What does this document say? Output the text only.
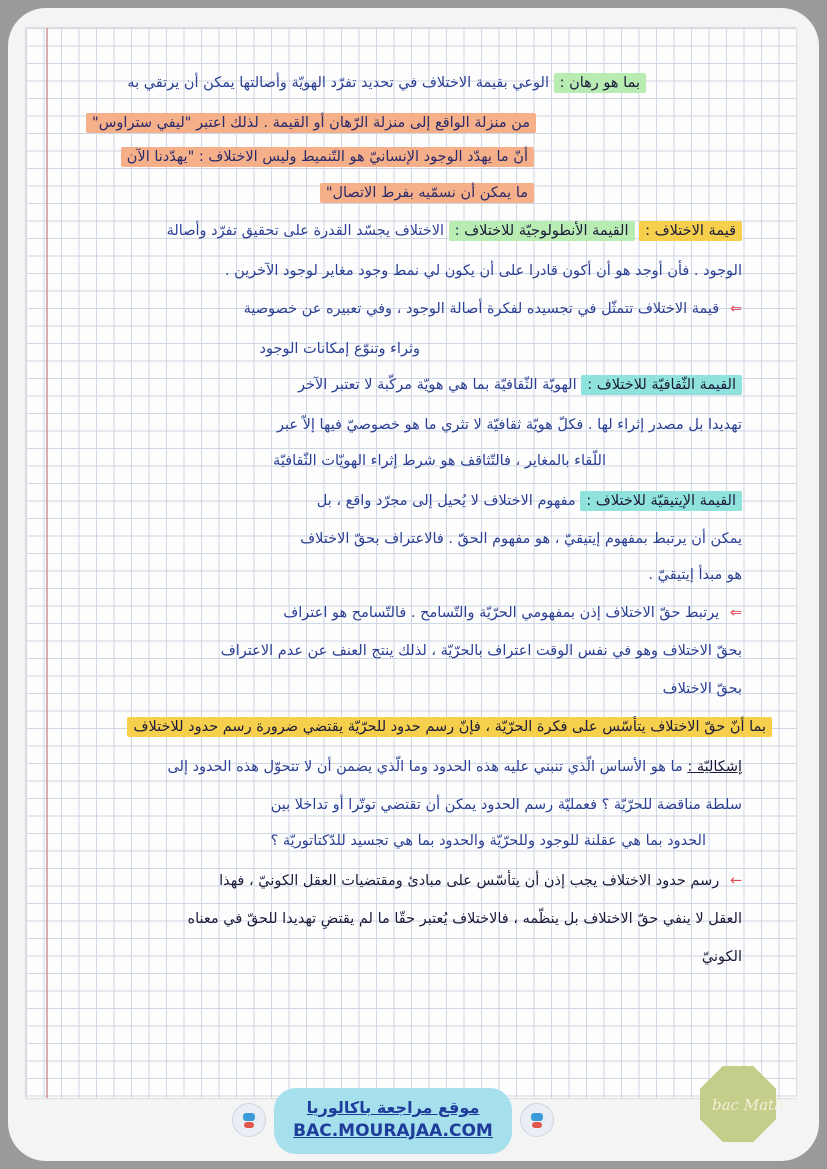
بما هو رهان : الوعي بقيمة الاختلاف في تحديد تفرّد الهويّة وأصالتها يمكن أن يرتقي به
من منزلة الواقع إلى منزلة الرّهان أو القيمة . لذلك اعتبر "ليفي ستراوس"
أنّ ما يهدّد الوجود الإنسانيّ هو التّنميط وليس الاختلاف : "يهدّدنا الآن
ما يمكن أن نسمّيه بفرط الاتصال"
قيمة الاختلاف : القيمة الأنطولوجيّة للاختلاف : الاختلاف يجسّد القدرة على تحقيق تفرّد وأصالة
الوجود . فأن أوجد هو أن أكون قادرا على أن يكون لي نمط وجود مغاير لوجود الآخرين .
⇐ قيمة الاختلاف تتمثّل في تجسيده لفكرة أصالة الوجود ، وفي تعبيره عن خصوصية
وثراء وتنوّع إمكانات الوجود
القيمة الثّقافيّة للاختلاف : الهويّة الثّقافيّة بما هي هويّة مركّبة لا تعتبر الآخر
تهديدا بل مصدر إثراء لها . فكلّ هويّة ثقافيّة لا تثري ما هو خصوصيّ فيها إلاّ عبر
اللّقاء بالمغاير ، فالتّثاقف هو شرط إثراء الهويّات الثّقافيّة
القيمة الإيتيقيّة للاختلاف : مفهوم الاختلاف لا يُحيل إلى مجرّد واقع ، بل
يمكن أن يرتبط بمفهوم إيتيقيّ ، هو مفهوم الحقّ . فالاعتراف بحقّ الاختلاف
هو مبدأ إيتيقيّ .
⇐ يرتبط حقّ الاختلاف إذن بمفهومي الحرّيّة والتّسامح . فالتّسامح هو اعتراف
بحقّ الاختلاف وهو في نفس الوقت اعتراف بالحرّيّة ، لذلك ينتج العنف عن عدم الاعتراف
بحقّ الاختلاف
بما أنّ حقّ الاختلاف يتأسّس على فكرة الحرّيّة ، فإنّ رسم حدود للحرّيّة يقتضي ضرورة رسم حدود للاختلاف
إشكاليّة : ما هو الأساس الّذي تنبني عليه هذه الحدود وما الّذي يضمن أن لا تتحوّل هذه الحدود إلى
سلطة مناقضة للحرّيّة ؟ فعمليّة رسم الحدود يمكن أن تقتضي توتّرا أو تداخلا بين
الحدود بما هي عقلنة للوجود وللحرّيّة والحدود بما هي تجسيد للدّكتاتوريّة ؟
← رسم حدود الاختلاف يجب إذن أن يتأسّس على مبادئ ومقتضيات العقل الكونيّ ، فهذا
العقل لا ينفي حقّ الاختلاف بل ينظّمه ، فالاختلاف يُعتبر حقّا ما لم يقتضِ تهديدا للحقّ في معناه
الكونيّ
موقع مراجعة باكالوريا
BAC.MOURAJAA.COM
bac Math
